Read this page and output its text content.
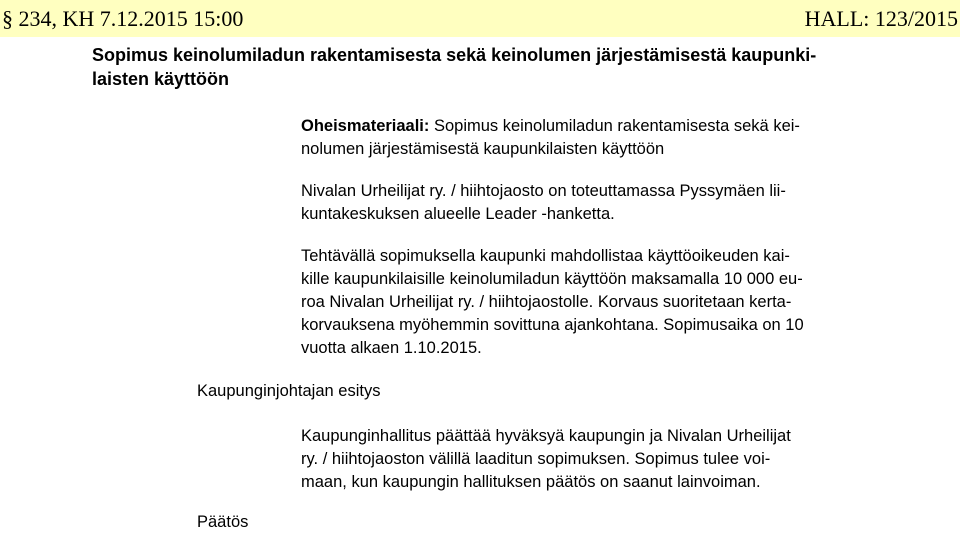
§ 234, KH 7.12.2015 15:00	HALL: 123/2015
Sopimus keinolumiladun rakentamisesta sekä keinolumen järjestämisestä kaupunki-
laisten käyttöön

Oheismateriaali: Sopimus keinolumiladun rakentamisesta sekä kei-
nolumen järjestämisestä kaupunkilaisten käyttöön

Nivalan Urheilijat ry. / hiihtojaosto on toteuttamassa Pyssymäen lii-
kuntakeskuksen alueelle Leader -hanketta.

Tehtävällä sopimuksella kaupunki mahdollistaa käyttöoikeuden kai-
kille kaupunkilaisille keinolumiladun käyttöön maksamalla 10 000 eu-
roa Nivalan Urheilijat ry. / hiihtojaostolle. Korvaus suoritetaan kerta-
korvauksena myöhemmin sovittuna ajankohtana. Sopimusaika on 10
vuotta alkaen 1.10.2015.

Kaupunginjohtajan esitys

Kaupunginhallitus päättää hyväksyä kaupungin ja Nivalan Urheilijat
ry. / hiihtojaoston välillä laaditun sopimuksen. Sopimus tulee voi-
maan, kun kaupungin hallituksen päätös on saanut lainvoiman.

Päätös
